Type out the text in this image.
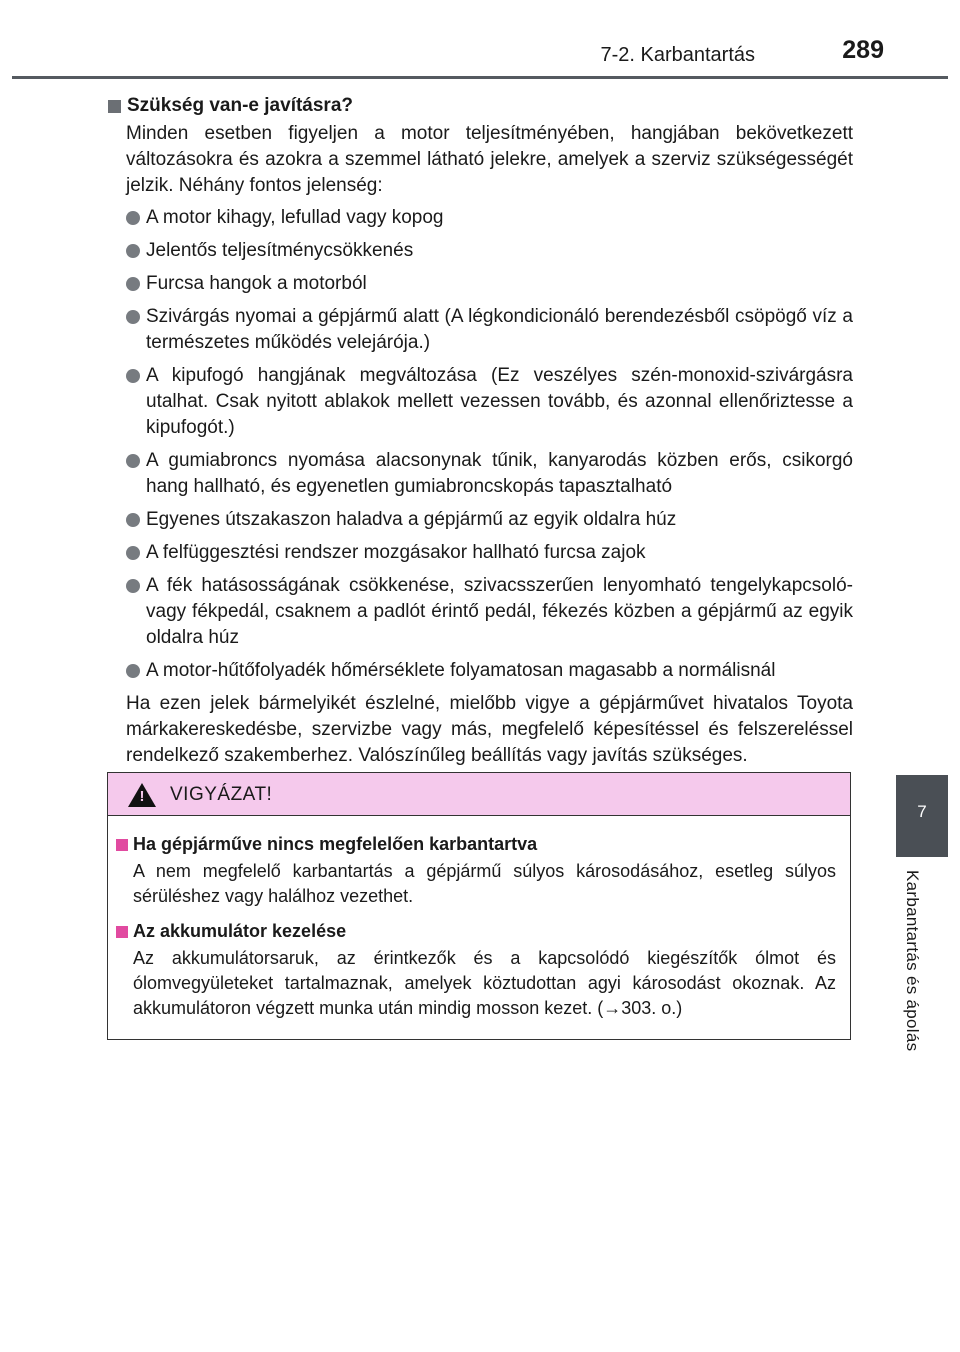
7-2. Karbantartás	289
7
Karbantartás és ápolás
Szükség van-e javításra?
Minden esetben figyeljen a motor teljesítményében, hangjában bekövetkezett változásokra és azokra a szemmel látható jelekre, amelyek a szerviz szükségességét jelzik. Néhány fontos jelenség:
A motor kihagy, lefullad vagy kopog
Jelentős teljesítménycsökkenés
Furcsa hangok a motorból
Szivárgás nyomai a gépjármű alatt (A légkondicionáló berendezésből csöpögő víz a természetes működés velejárója.)
A kipufogó hangjának megváltozása (Ez veszélyes szén-monoxid-szivárgásra utalhat. Csak nyitott ablakok mellett vezessen tovább, és azonnal ellenőriztesse a kipufogót.)
A gumiabroncs nyomása alacsonynak tűnik, kanyarodás közben erős, csikorgó hang hallható, és egyenetlen gumiabroncskopás tapasztalható
Egyenes útszakaszon haladva a gépjármű az egyik oldalra húz
A felfüggesztési rendszer mozgásakor hallható furcsa zajok
A fék hatásosságának csökkenése, szivacsszerűen lenyomható tengelykapcsoló- vagy fékpedál, csaknem a padlót érintő pedál, fékezés közben a gépjármű az egyik oldalra húz
A motor-hűtőfolyadék hőmérséklete folyamatosan magasabb a normálisnál
Ha ezen jelek bármelyikét észlelné, mielőbb vigye a gépjárművet hivatalos Toyota márkakereskedésbe, szervizbe vagy más, megfelelő képesítéssel és felszereléssel rendelkező szakemberhez. Valószínűleg beállítás vagy javítás szükséges.
! VIGYÁZAT!
Ha gépjárműve nincs megfelelően karbantartva
A nem megfelelő karbantartás a gépjármű súlyos károsodásához, esetleg súlyos sérüléshez vagy halálhoz vezethet.
Az akkumulátor kezelése
Az akkumulátorsaruk, az érintkezők és a kapcsolódó kiegészítők ólmot és ólomvegyületeket tartalmaznak, amelyek köztudottan agyi károsodást okoznak. Az akkumulátoron végzett munka után mindig mosson kezet. (→303. o.)
